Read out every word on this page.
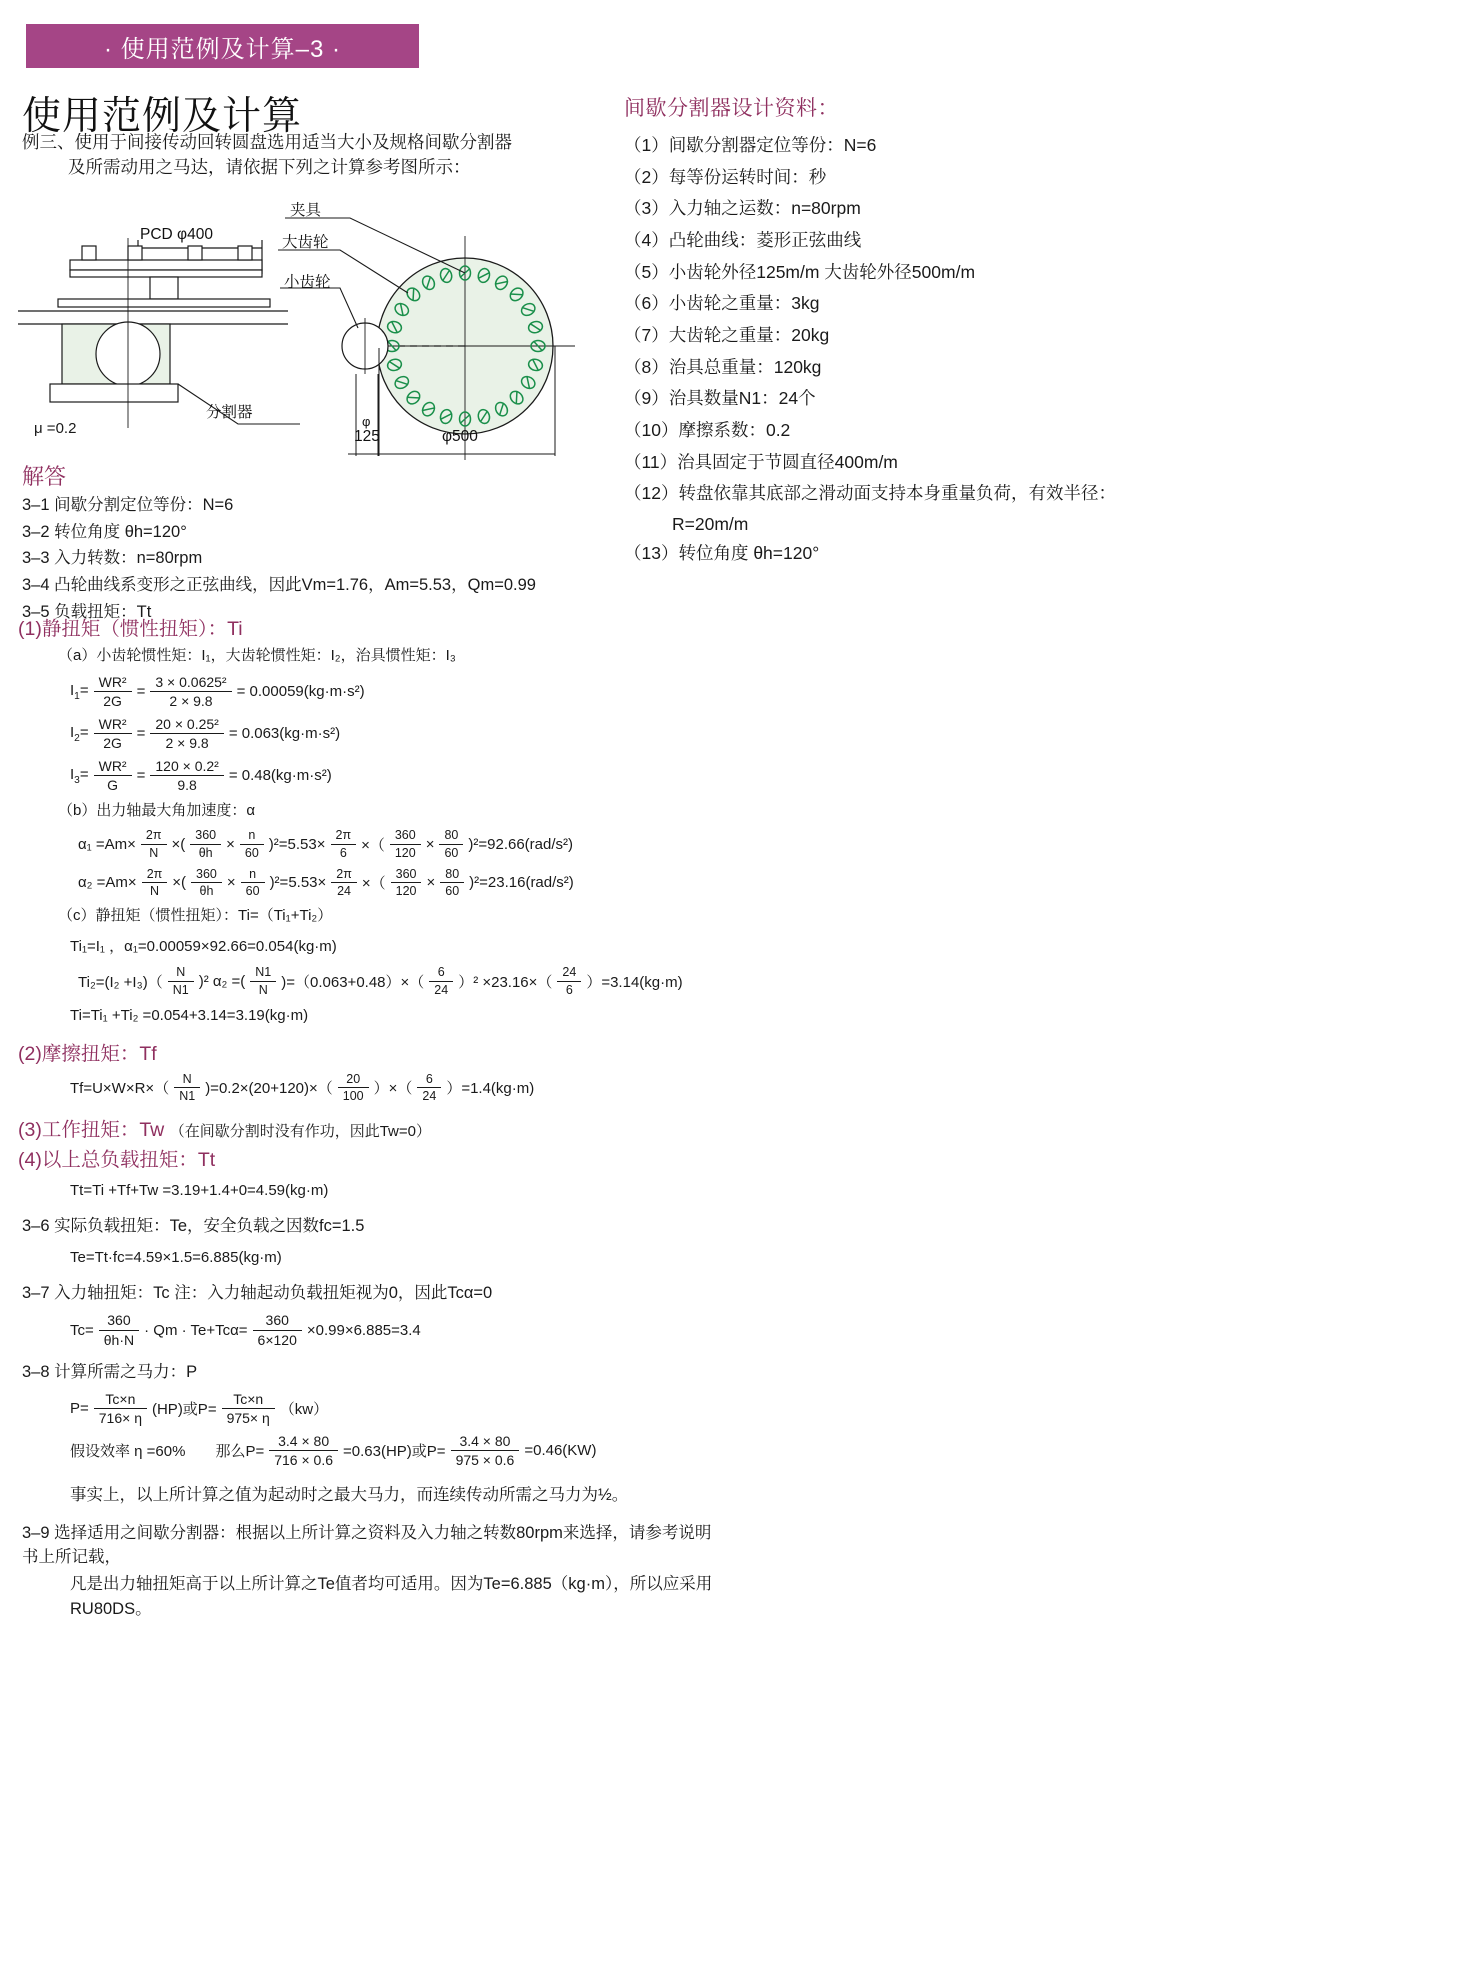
· 使用范例及计算–3 ·
使用范例及计算
例三、使用于间接传动回转圆盘选用适当大小及规格间歇分割器
及所需动用之马达，请依据下列之计算参考图所示：
PCD φ400
夹具
大齿轮
小齿轮
分割器
φ
125	φ500
μ =0.2
间歇分割器设计资料：
（1）间歇分割器定位等份：N=6
（2）每等份运转时间：秒
（3）入力轴之运数：n=80rpm
（4）凸轮曲线：菱形正弦曲线
（5）小齿轮外径125m/m 大齿轮外径500m/m
（6）小齿轮之重量：3kg
（7）大齿轮之重量：20kg
（8）治具总重量：120kg
（9）治具数量N1：24个
（10）摩擦系数：0.2
（11）治具固定于节圆直径400m/m
（12）转盘依靠其底部之滑动面支持本身重量负荷，有效半径：
R=20m/m
（13）转位角度 θh=120°
解答
3–1 间歇分割定位等份：N=6
3–2 转位角度 θh=120°
3–3 入力转数：n=80rpm
3–4 凸轮曲线系变形之正弦曲线，因此Vm=1.76，Am=5.53，Qm=0.99
3–5 负载扭矩：Tt
(1)静扭矩（惯性扭矩）：Ti
（a）小齿轮惯性矩：I₁，大齿轮惯性矩：I₂，治具惯性矩：I₃
$I_1= \frac{\text{WR²}}{2G} = \frac{\text{3 × 0.0625²}}{2 \times 9.8} = 0.00059(kg\cdot m\cdot s^2)$
$I_2= \frac{\text{WR²}}{2G} = \frac{\text{20 × 0.25²}}{2 \times 9.8} = 0.063(kg\cdot m\cdot s^2)$
$I_3= \frac{\text{WR²}}{G} = \frac{\text{120 × 0.2²}}{9.8} = 0.48(kg\cdot m\cdot s^2)$
（b）出力轴最大角加速度：α
$\alpha_1 =Am\times \frac{2\pi}{N}$ ×( $\frac{360}{\theta h} \times \frac{n}{60} )^2=5.53\times \frac{2\pi}{6}$ ×（ $\frac{360}{120} \times \frac{80}{60} )^2=92.66(rad/s^2)$
$\alpha_2 =Am\times \frac{2\pi}{N}$ ×( $\frac{360}{\theta h} \times \frac{n}{60} )^2=5.53\times \frac{2\pi}{24}$ ×（ $\frac{360}{120} \times \frac{80}{60} )^2=23.16(rad/s^2)$
（c）静扭矩（惯性扭矩）：Ti=（Ti₁+Ti₂）
Ti₁=I₁ ，α₁=0.00059×92.66=0.054(kg·m)
$Ti_2=(I_2 +I_3)( \frac{N}{N1} )^2$ α₂ =( $\frac{N1}{N} )=(0.063+0.48)\times( \frac{6}{24} )^2 \times 23.16\times( \frac{24}{6} )=3.14(kg\cdot m)$
Ti=Ti₁ +Ti₂ =0.054+3.14=3.19(kg·m)
(2)摩擦扭矩：Tf
$Tf=U\times W\times R\times( \frac{N}{N1} )=0.2\times(20+120)\times( \frac{20}{100}$ ）×（ $\frac{6}{24} )=1.4(kg\cdot m)$
(3)工作扭矩：Tw （在间歇分割时没有作功，因此Tw=0）
(4)以上总负载扭矩：Tt
Tt=Ti +Tf+Tw =3.19+1.4+0=4.59(kg·m)
3–6 实际负载扭矩：Te，安全负载之因数fc=1.5
Te=Tt·fc=4.59×1.5=6.885(kg·m)
3–7 入力轴扭矩：Tc 注：入力轴起动负载扭矩视为0，因此Tcα=0
$Tc= \frac{360}{\theta h\cdot N} \cdot Qm \cdot Te+Tc\alpha= \frac{360}{6\times 120} \times 0.99\times 6.885=3.4$
3–8 计算所需之马力：P
$P= \frac{Tc\times n}{716\times \eta} (HP)$或$P= \frac{Tc\times n}{975\times \eta} (kw)$
假设效率 η =60%　　那么$P= \frac{3.4 \times 80}{716 \times 0.6} =0.63(HP)$或$P= \frac{3.4 \times 80}{975 \times 0.6} =0.46(KW)$
事实上，以上所计算之值为起动时之最大马力，而连续传动所需之马力为½。
3–9 选择适用之间歇分割器：根据以上所计算之资料及入力轴之转数80rpm来选择，请参考说明书上所记载，
凡是出力轴扭矩高于以上所计算之Te值者均可适用。因为Te=6.885（kg·m），所以应采用RU80DS。
